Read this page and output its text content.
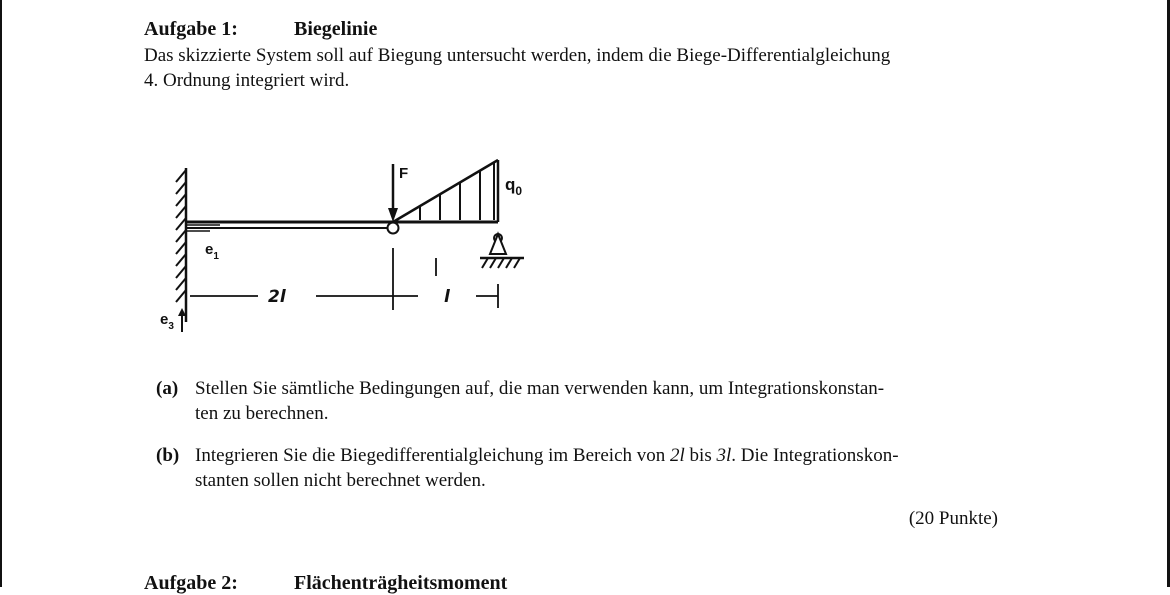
Aufgabe 1:	Biegelinie
Das skizzierte System soll auf Biegung untersucht werden, indem die Biege-Differentialgleichung
4. Ordnung integriert wird.
F
$q_0$
$e_1$
2l	l
$e_3$
(a) Stellen Sie sämtliche Bedingungen auf, die man verwenden kann, um Integrationskonstan-
ten zu berechnen.
(b) Integrieren Sie die Biegedifferentialgleichung im Bereich von 2l bis 3l. Die Integrationskon-
stanten sollen nicht berechnet werden.
(20 Punkte)
Aufgabe 2:	Flächenträgheitsmoment
